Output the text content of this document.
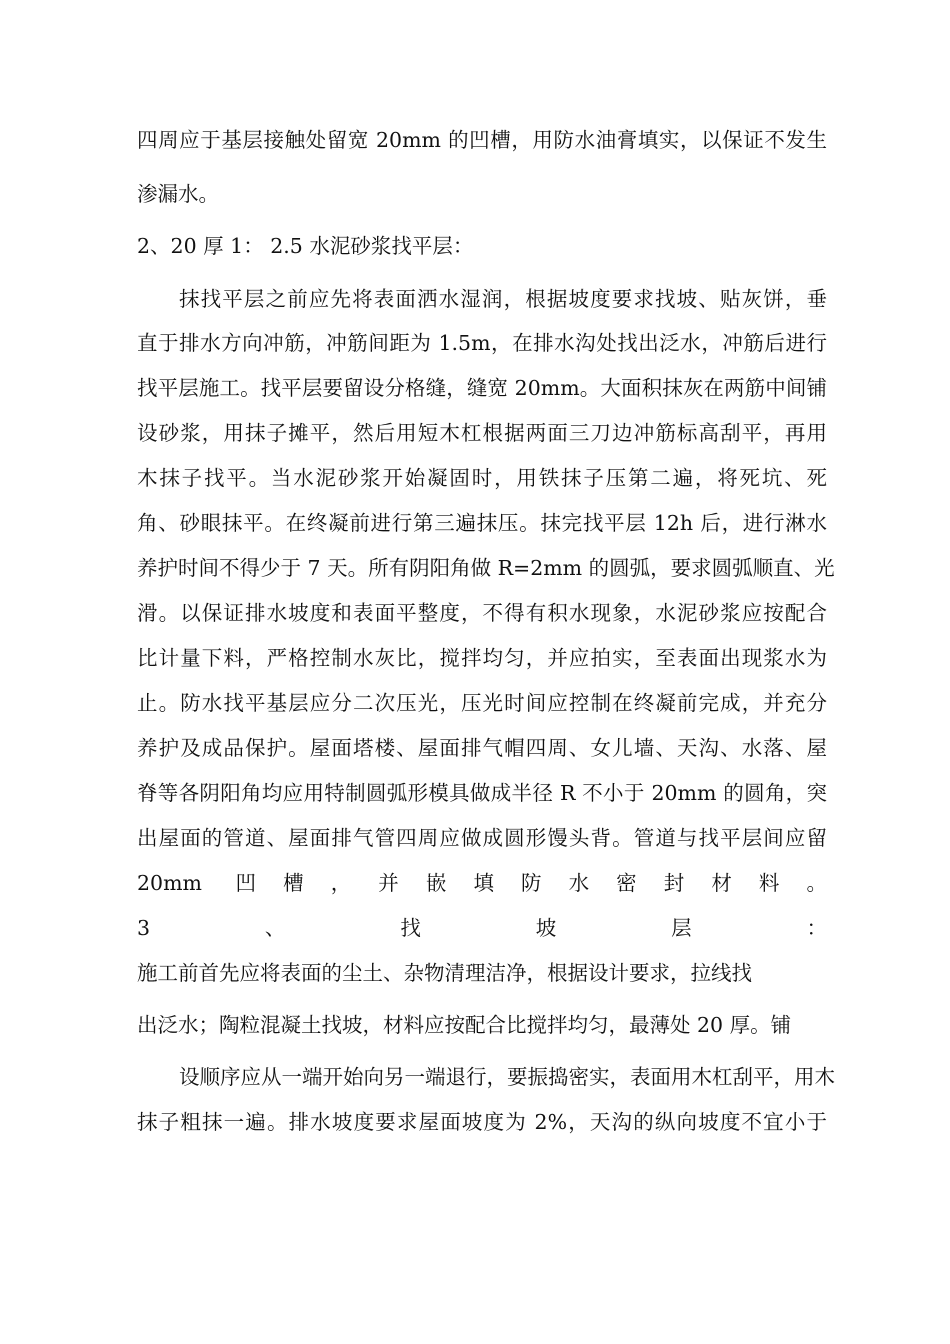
四周应于基层接触处留宽 20mm 的凹槽，用防水油膏填实，以保证不发生
渗漏水。
2、20 厚 1： 2.5 水泥砂浆找平层：
抹找平层之前应先将表面洒水湿润，根据坡度要求找坡、贴灰饼，垂
直于排水方向冲筋，冲筋间距为 1.5m，在排水沟处找出泛水，冲筋后进行
找平层施工。找平层要留设分格缝，缝宽 20mm。大面积抹灰在两筋中间铺
设砂浆，用抹子摊平，然后用短木杠根据两面三刀边冲筋标高刮平，再用
木抹子找平。当水泥砂浆开始凝固时，用铁抹子压第二遍，将死坑、死
角、砂眼抹平。在终凝前进行第三遍抹压。抹完找平层 12h 后，进行淋水
养护时间不得少于 7 天。所有阴阳角做 R=2mm 的圆弧，要求圆弧顺直、光
滑。以保证排水坡度和表面平整度，不得有积水现象，水泥砂浆应按配合
比计量下料，严格控制水灰比，搅拌均匀，并应拍实，至表面出现浆水为
止。防水找平基层应分二次压光，压光时间应控制在终凝前完成，并充分
养护及成品保护。屋面塔楼、屋面排气帽四周、女儿墙、天沟、水落、屋
脊等各阴阳角均应用特制圆弧形模具做成半径 R 不小于 20mm 的圆角，突
出屋面的管道、屋面排气管四周应做成圆形馒头背。管道与找平层间应留
20mm 凹槽，并嵌填防水密封材料。
3、找坡层：
施工前首先应将表面的尘土、杂物清理洁净，根据设计要求，拉线找
出泛水；陶粒混凝土找坡，材料应按配合比搅拌均匀，最薄处 20 厚。铺
设顺序应从一端开始向另一端退行，要振捣密实，表面用木杠刮平，用木
抹子粗抹一遍。排水坡度要求屋面坡度为 2%，天沟的纵向坡度不宜小于
